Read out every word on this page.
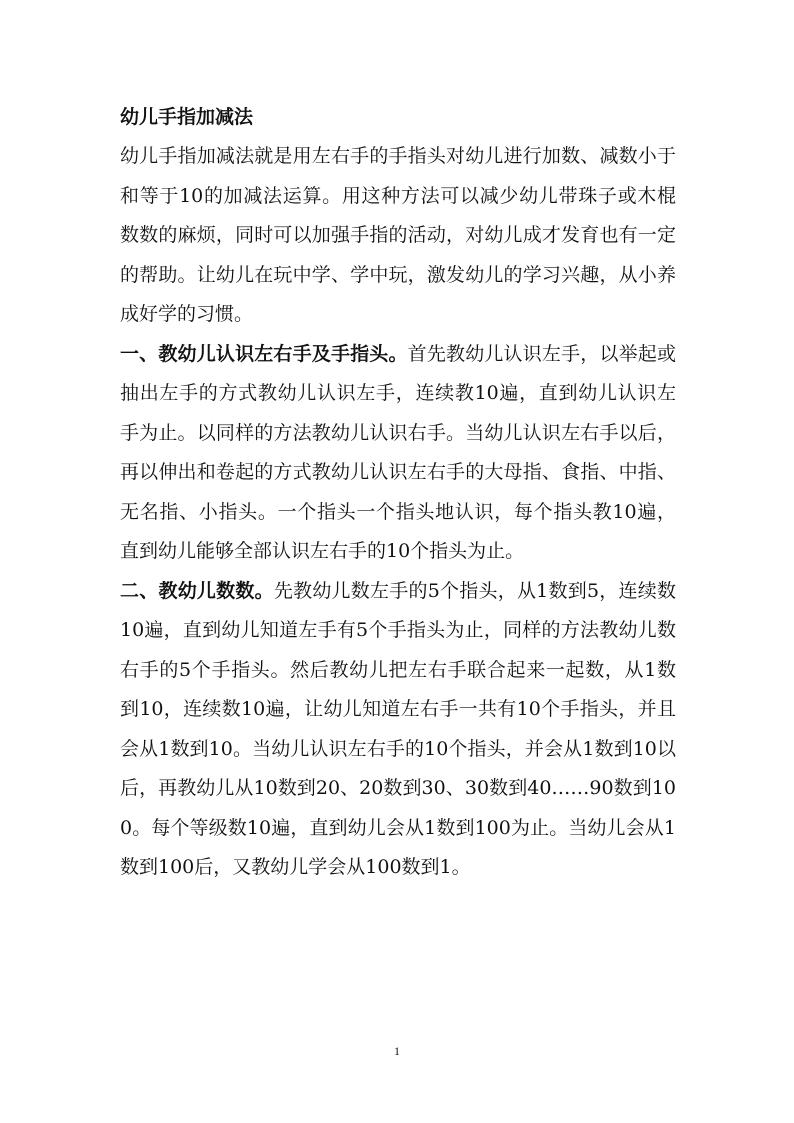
幼儿手指加减法

幼儿手指加减法就是用左右手的手指头对幼儿进行加数、减数小于和等于10的加减法运算。用这种方法可以减少幼儿带珠子或木棍数数的麻烦，同时可以加强手指的活动，对幼儿成才发育也有一定的帮助。让幼儿在玩中学、学中玩，激发幼儿的学习兴趣，从小养成好学的习惯。

一、教幼儿认识左右手及手指头。首先教幼儿认识左手，以举起或抽出左手的方式教幼儿认识左手，连续教10遍，直到幼儿认识左手为止。以同样的方法教幼儿认识右手。当幼儿认识左右手以后，再以伸出和卷起的方式教幼儿认识左右手的大母指、食指、中指、无名指、小指头。一个指头一个指头地认识，每个指头教10遍，直到幼儿能够全部认识左右手的10个指头为止。

二、教幼儿数数。先教幼儿数左手的5个指头，从1数到5，连续数10遍，直到幼儿知道左手有5个手指头为止，同样的方法教幼儿数右手的5个手指头。然后教幼儿把左右手联合起来一起数，从1数到10，连续数10遍，让幼儿知道左右手一共有10个手指头，并且会从1数到10。当幼儿认识左右手的10个指头，并会从1数到10以后，再教幼儿从10数到20、20数到30、30数到40……90数到100。每个等级数10遍，直到幼儿会从1数到100为止。当幼儿会从1数到100后，又教幼儿学会从100数到1。

1
